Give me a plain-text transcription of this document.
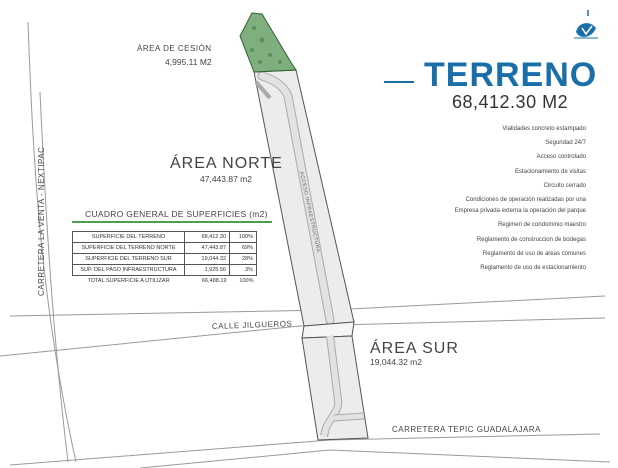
CARRETERA LA VENTA - NEXTIPAC
CALLE JILGUEROS
CARRETERA TEPIC GUADALAJARA
ACCESO INFRAESTRUCTURA
ÁREA DE CESIÓN
4,995.11 M2
ÁREA NORTE
47,443.87 m2
ÁREA SUR
19,044.32 m2
TERRENO
68,412.30 M2
Vialidades concreto estampado
Seguridad 24/7
Acceso controlado
Estacionamiento de visitas
Circuito cerrado
Condiciones de operación realizadas por una
Empresa privada externa la operación del parque
Regimen de condominio maestro
Reglamento de construccion de bodegas
Reglamento de uso de areas comunes
Reglamento de uso de estacionamiento
CUADRO GENERAL DE SUPERFICIES (m2)
SUPERFICIE DEL TERRENO	68,412.30	100%
SUPERFICIE DEL TERRENO NORTE	47,443.87	69%
SUPERFICIE DEL TERRENO SUR	19,044.32	28%
SUP. DEL PASO INFRAESTRUCTURA	1,925.56	3%
TOTAL SUPERFICIE A UTILIZAR	66,488.19	100%
